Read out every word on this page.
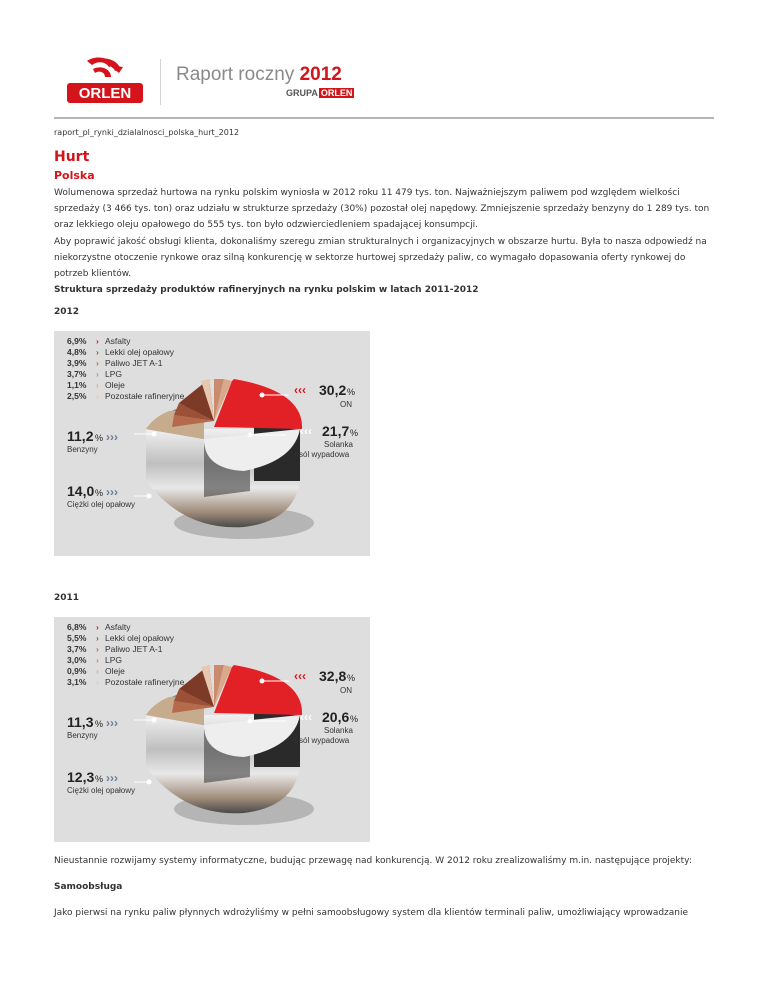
ORLEN
Raport roczny 2012
GRUPA ORLEN
raport_pl_rynki_dzialalnosci_polska_hurt_2012
Hurt
Polska
Wolumenowa sprzedaż hurtowa na rynku polskim wyniosła w 2012 roku 11 479 tys. ton. Najważniejszym paliwem pod względem wielkości
sprzedaży (3 466 tys. ton) oraz udziału w strukturze sprzedaży (30%) pozostał olej napędowy. Zmniejszenie sprzedaży benzyny do 1 289 tys. ton
oraz lekkiego oleju opałowego do 555 tys. ton było odzwierciedleniem spadającej konsumpcji.
Aby poprawić jakość obsługi klienta, dokonaliśmy szeregu zmian strukturalnych i organizacyjnych w obszarze hurtu. Była to nasza odpowiedź na
niekorzystne otoczenie rynkowe oraz silną konkurencję w sektorze hurtowej sprzedaży paliw, co wymagało dopasowania oferty rynkowej do
potrzeb klientów.
Struktura sprzedaży produktów rafineryjnych na rynku polskim w latach 2011-2012
2012
6,9% › Asfalty
4,8% › Lekki olej opałowy
3,9% › Paliwo JET A-1
3,7% › LPG
1,1% › Oleje
2,5% › Pozostałe rafineryjne	‹‹‹ 30,2 %
ON
‹‹‹ 21,7 %
Solanka
i sól wypadowa
11,2 % ›››
Benzyny
14,0 % ›››
Ciężki olej opałowy
2011
6,8% › Asfalty
5,5% › Lekki olej opałowy
3,7% › Paliwo JET A-1
3,0% › LPG
0,9% › Oleje
3,1% › Pozostałe rafineryjne	‹‹‹ 32,8 %
ON
‹‹‹ 20,6 %
Solanka
i sól wypadowa
11,3 % ›››
Benzyny
12,3 % ›››
Ciężki olej opałowy
Nieustannie rozwijamy systemy informatyczne, budując przewagę nad konkurencją. W 2012 roku zrealizowaliśmy m.in. następujące projekty:
Samoobsługa
Jako pierwsi na rynku paliw płynnych wdrożyliśmy w pełni samoobsługowy system dla klientów terminali paliw, umożliwiający wprowadzanie
